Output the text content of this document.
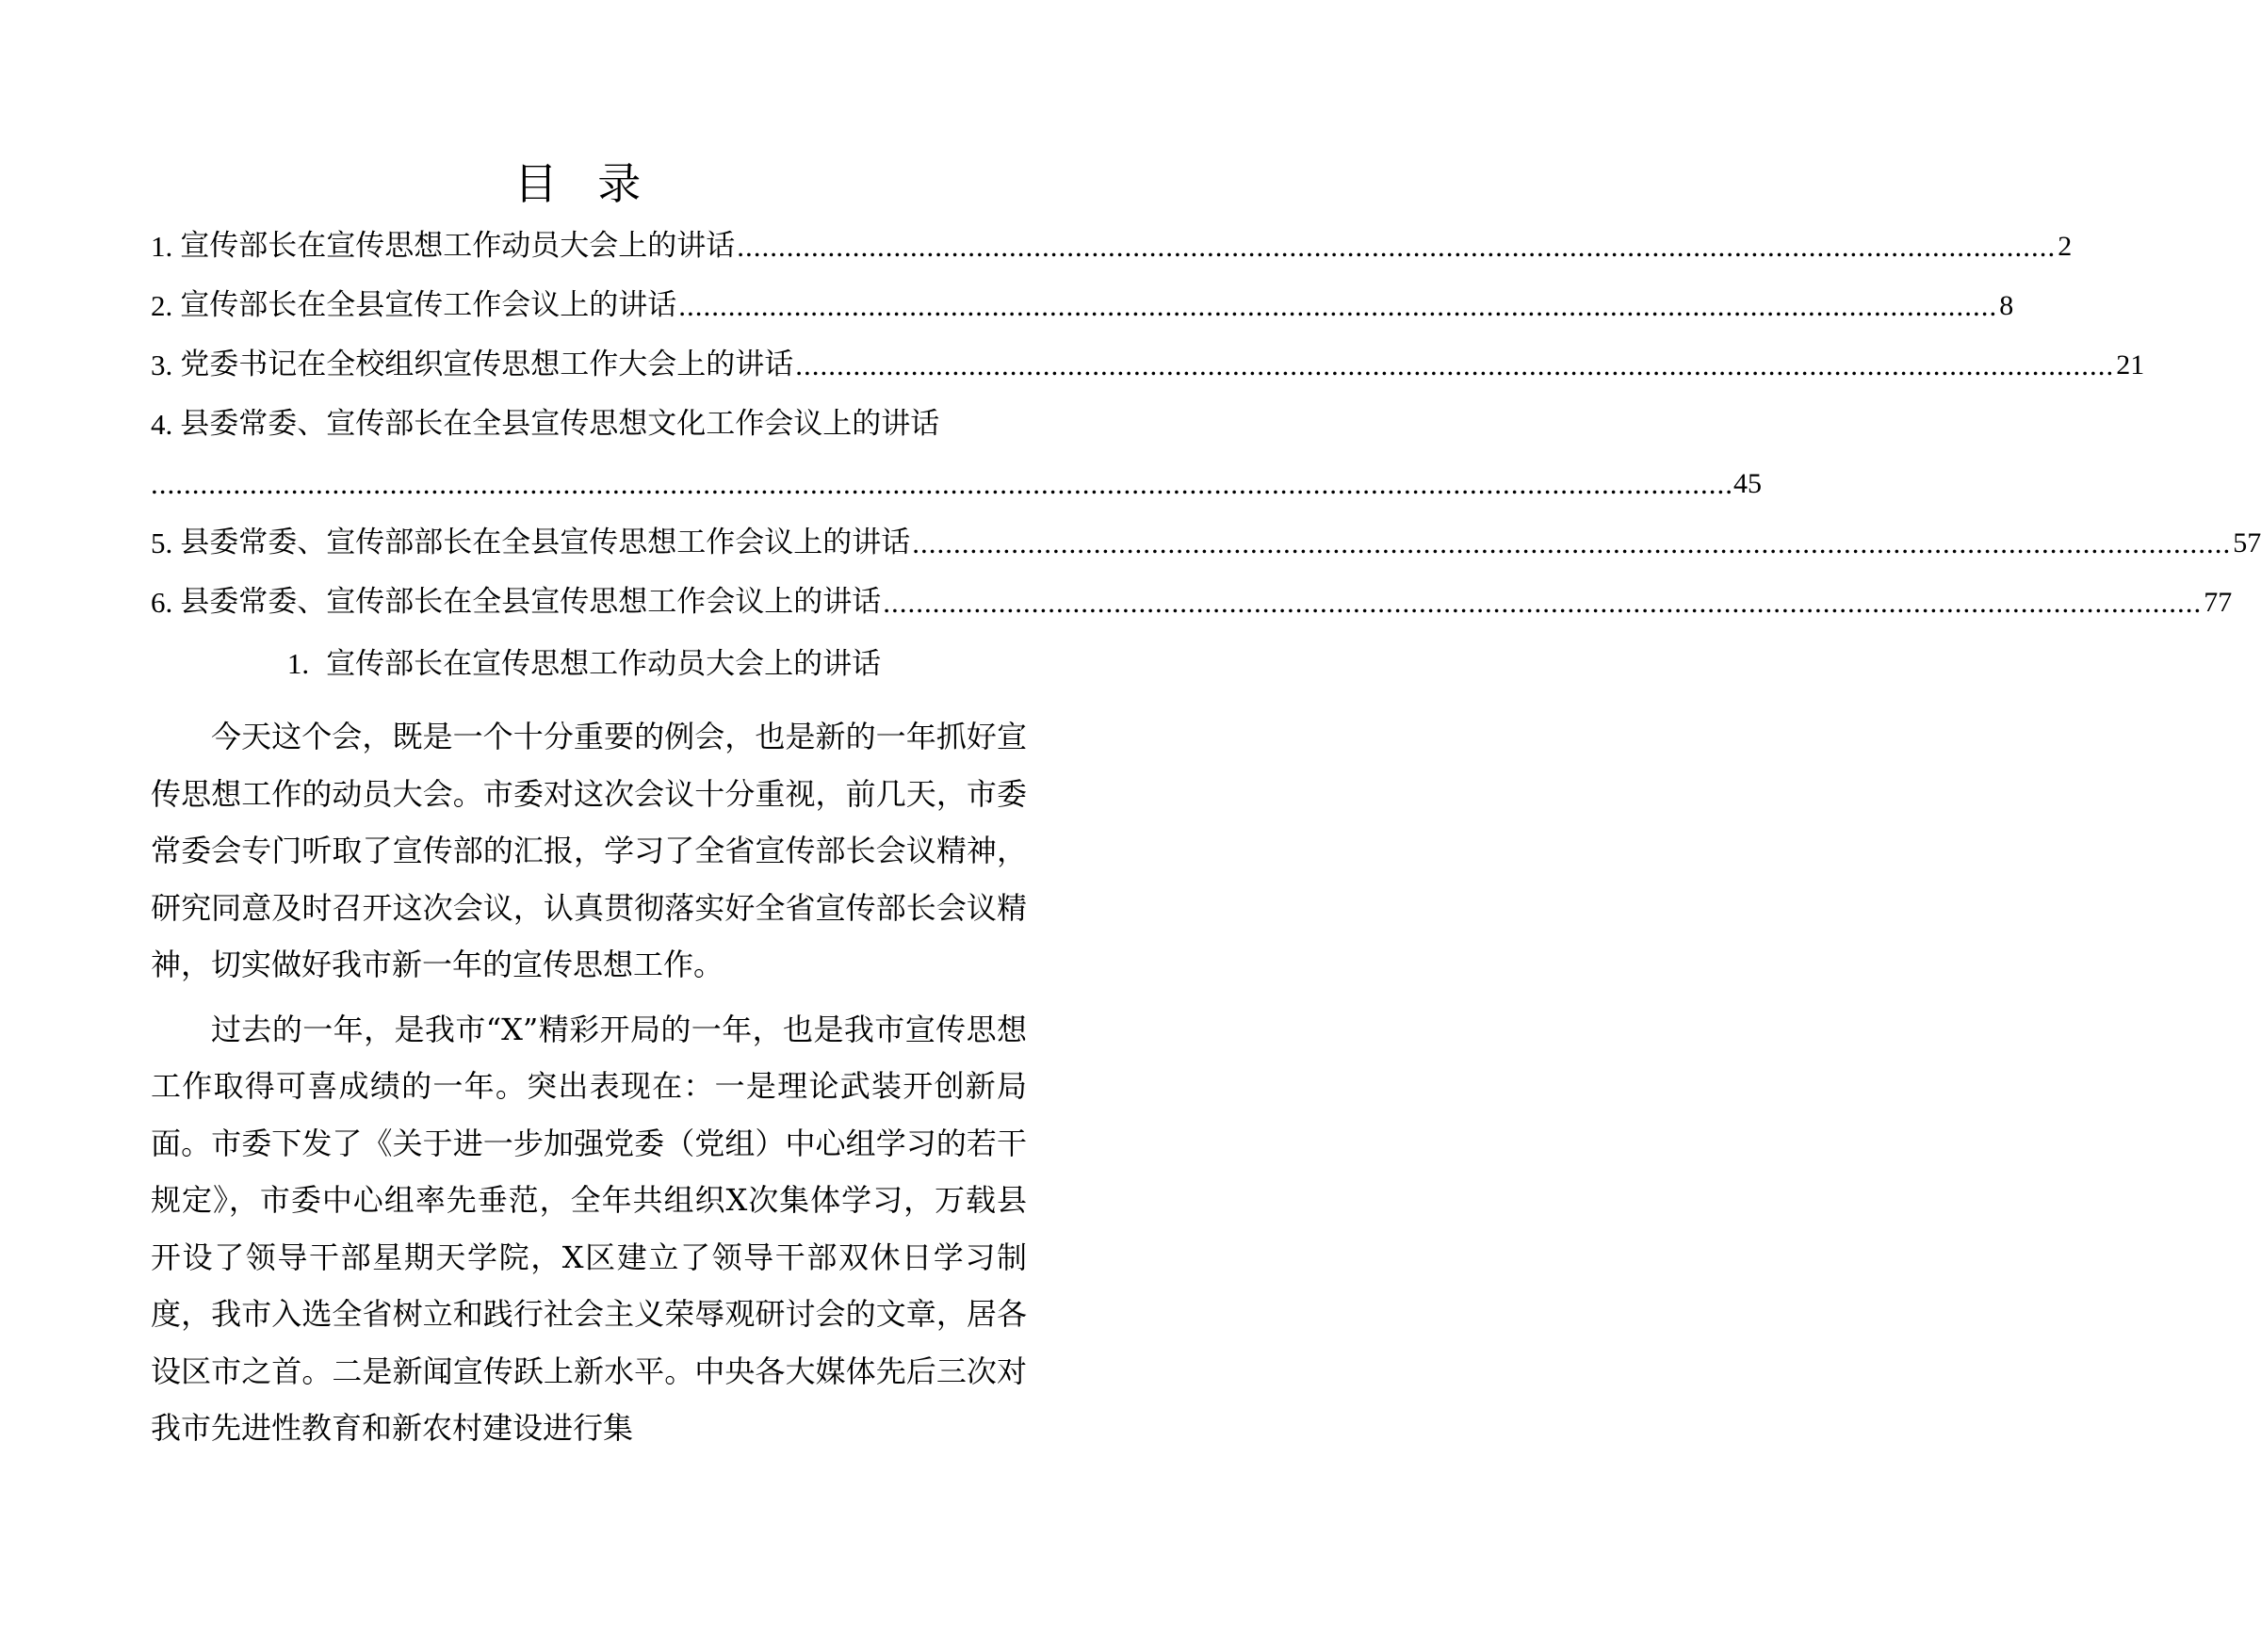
目 录
1. 宣传部长在宣传思想工作动员大会上的讲话 ................................................................................................................................................................ 2
2. 宣传部长在全县宣传工作会议上的讲话 ................................................................................................................................................................ 8
3. 党委书记在全校组织宣传思想工作大会上的讲话 ................................................................................................................................................................ 21
4. 县委常委、宣传部长在全县宣传思想文化工作会议上的讲话
................................................................................................................................................................................................ 45
5. 县委常委、宣传部部长在全县宣传思想工作会议上的讲话 ................................................................................................................................................................ 57
6. 县委常委、宣传部长在全县宣传思想工作会议上的讲话 ................................................................................................................................................................ 77
1. 宣传部长在宣传思想工作动员大会上的讲话

今天这个会，既是一个十分重要的例会，也是新的一年抓好宣传思想工作的动员大会。市委对这次会议十分重视，前几天，市委常委会专门听取了宣传部的汇报，学习了全省宣传部长会议精神，研究同意及时召开这次会议，认真贯彻落实好全省宣传部长会议精神，切实做好我市新一年的宣传思想工作。

过去的一年，是我市“X”精彩开局的一年，也是我市宣传思想工作取得可喜成绩的一年。突出表现在：一是理论武装开创新局面。市委下发了《关于进一步加强党委（党组）中心组学习的若干规定》，市委中心组率先垂范，全年共组织X次集体学习，万载县开设了领导干部星期天学院，X区建立了领导干部双休日学习制度，我市入选全省树立和践行社会主义荣辱观研讨会的文章，居各设区市之首。二是新闻宣传跃上新水平。中央各大媒体先后三次对我市先进性教育和新农村建设进行集
